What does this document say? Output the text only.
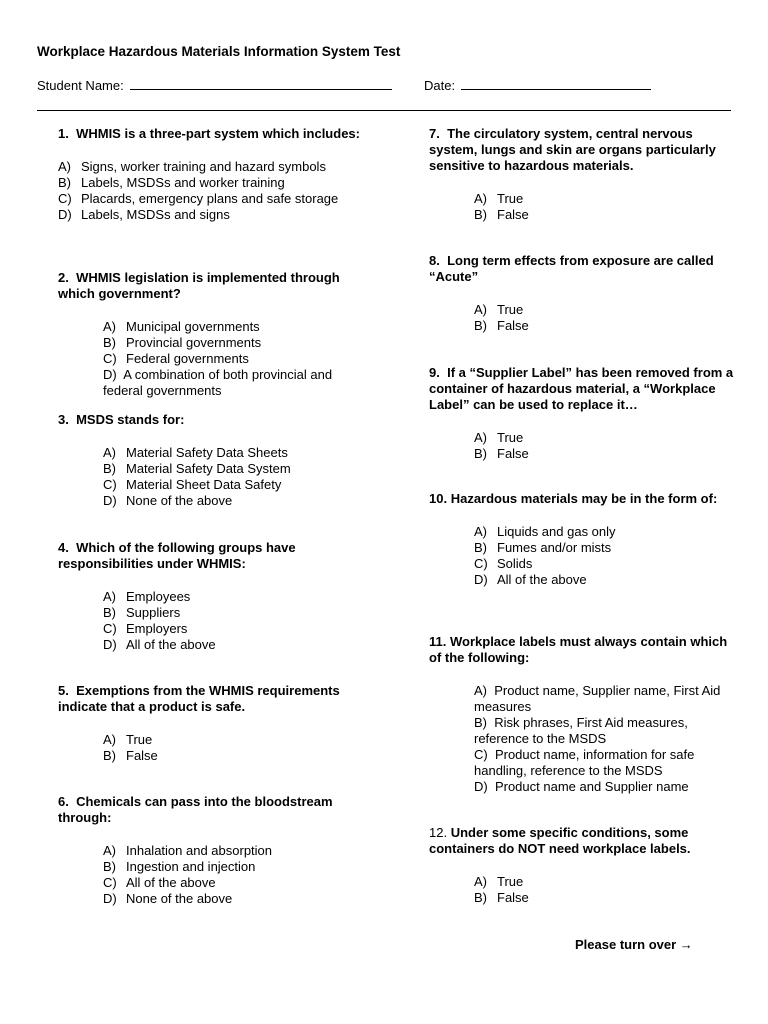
Workplace Hazardous Materials Information System Test
Student Name:	Date:
1. WHMIS is a three-part system which includes:
A) Signs, worker training and hazard symbols
B) Labels, MSDSs and worker training
C) Placards, emergency plans and safe storage
D) Labels, MSDSs and signs
2. WHMIS legislation is implemented through which government?
A) Municipal governments
B) Provincial governments
C) Federal governments
D) A combination of both provincial and federal governments
3. MSDS stands for:
A) Material Safety Data Sheets
B) Material Safety Data System
C) Material Sheet Data Safety
D) None of the above
4. Which of the following groups have responsibilities under WHMIS:
A) Employees
B) Suppliers
C) Employers
D) All of the above
5. Exemptions from the WHMIS requirements indicate that a product is safe.
A) True
B) False
6. Chemicals can pass into the bloodstream through:
A) Inhalation and absorption
B) Ingestion and injection
C) All of the above
D) None of the above
7. The circulatory system, central nervous system, lungs and skin are organs particularly sensitive to hazardous materials.
A) True
B) False
8. Long term effects from exposure are called “Acute”
A) True
B) False
9. If a “Supplier Label” has been removed from a container of hazardous material, a “Workplace Label” can be used to replace it…
A) True
B) False
10. Hazardous materials may be in the form of:
A) Liquids and gas only
B) Fumes and/or mists
C) Solids
D) All of the above
11. Workplace labels must always contain which of the following:
A) Product name, Supplier name, First Aid measures
B) Risk phrases, First Aid measures, reference to the MSDS
C) Product name, information for safe handling, reference to the MSDS
D) Product name and Supplier name
12. Under some specific conditions, some containers do NOT need workplace labels.
A) True
B) False
Please turn over →
